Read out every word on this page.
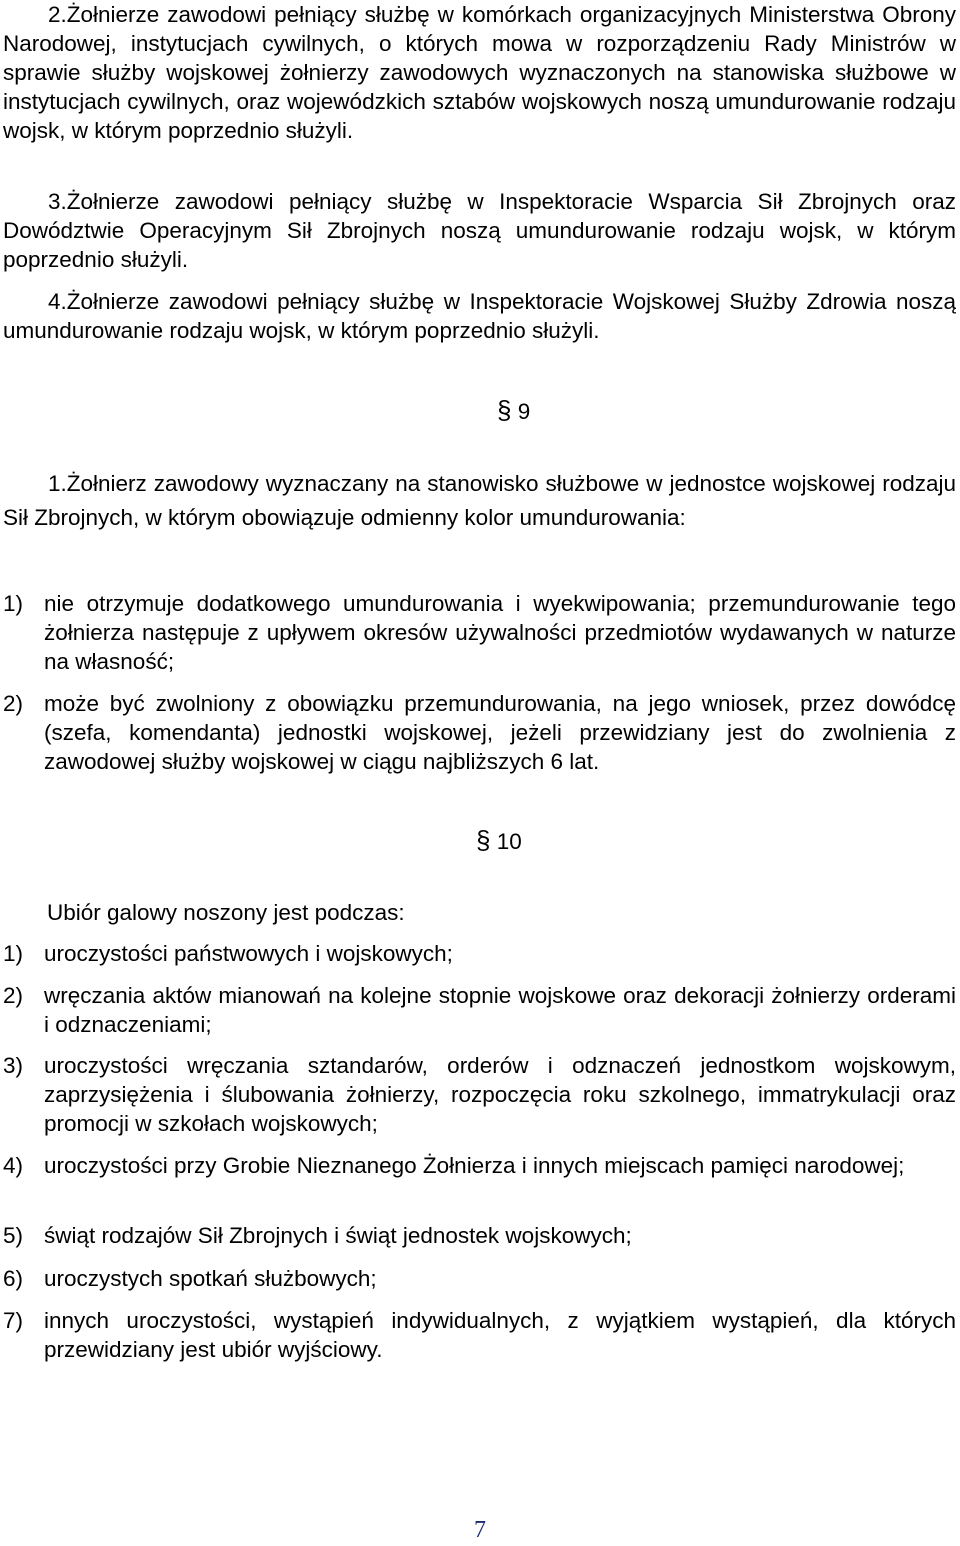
2.Żołnierze zawodowi pełniący służbę w komórkach organizacyjnych Ministerstwa Obrony Narodowej, instytucjach cywilnych, o których mowa w rozporządzeniu Rady Ministrów w sprawie służby wojskowej żołnierzy zawodowych wyznaczonych na stanowiska służbowe w instytucjach cywilnych, oraz wojewódzkich sztabów wojskowych noszą umundurowanie rodzaju wojsk, w którym poprzednio służyli.
3.Żołnierze zawodowi pełniący służbę w Inspektoracie Wsparcia Sił Zbrojnych oraz Dowództwie Operacyjnym Sił Zbrojnych noszą umundurowanie rodzaju wojsk, w którym poprzednio służyli.
4.Żołnierze zawodowi pełniący służbę w Inspektoracie Wojskowej Służby Zdrowia noszą umundurowanie rodzaju wojsk, w którym poprzednio służyli.
§ 9
1.Żołnierz zawodowy wyznaczany na stanowisko służbowe w jednostce wojskowej rodzaju Sił Zbrojnych, w którym obowiązuje odmienny kolor umundurowania:
1) nie otrzymuje dodatkowego umundurowania i wyekwipowania; przemundurowanie tego żołnierza następuje z upływem okresów używalności przedmiotów wydawanych w naturze na własność;
2) może być zwolniony z obowiązku przemundurowania, na jego wniosek, przez dowódcę (szefa, komendanta) jednostki wojskowej, jeżeli przewidziany jest do zwolnienia z zawodowej służby wojskowej w ciągu najbliższych 6 lat.
§ 10
Ubiór galowy noszony jest podczas:
1) uroczystości państwowych i wojskowych;
2) wręczania aktów mianowań na kolejne stopnie wojskowe oraz dekoracji żołnierzy orderami i odznaczeniami;
3) uroczystości wręczania sztandarów, orderów i odznaczeń jednostkom wojskowym, zaprzysiężenia i ślubowania żołnierzy, rozpoczęcia roku szkolnego, immatrykulacji oraz promocji w szkołach wojskowych;
4) uroczystości przy Grobie Nieznanego Żołnierza i innych miejscach pamięci narodowej;
5) świąt rodzajów Sił Zbrojnych i świąt jednostek wojskowych;
6) uroczystych spotkań służbowych;
7) innych uroczystości, wystąpień indywidualnych, z wyjątkiem wystąpień, dla których przewidziany jest ubiór wyjściowy.
7
